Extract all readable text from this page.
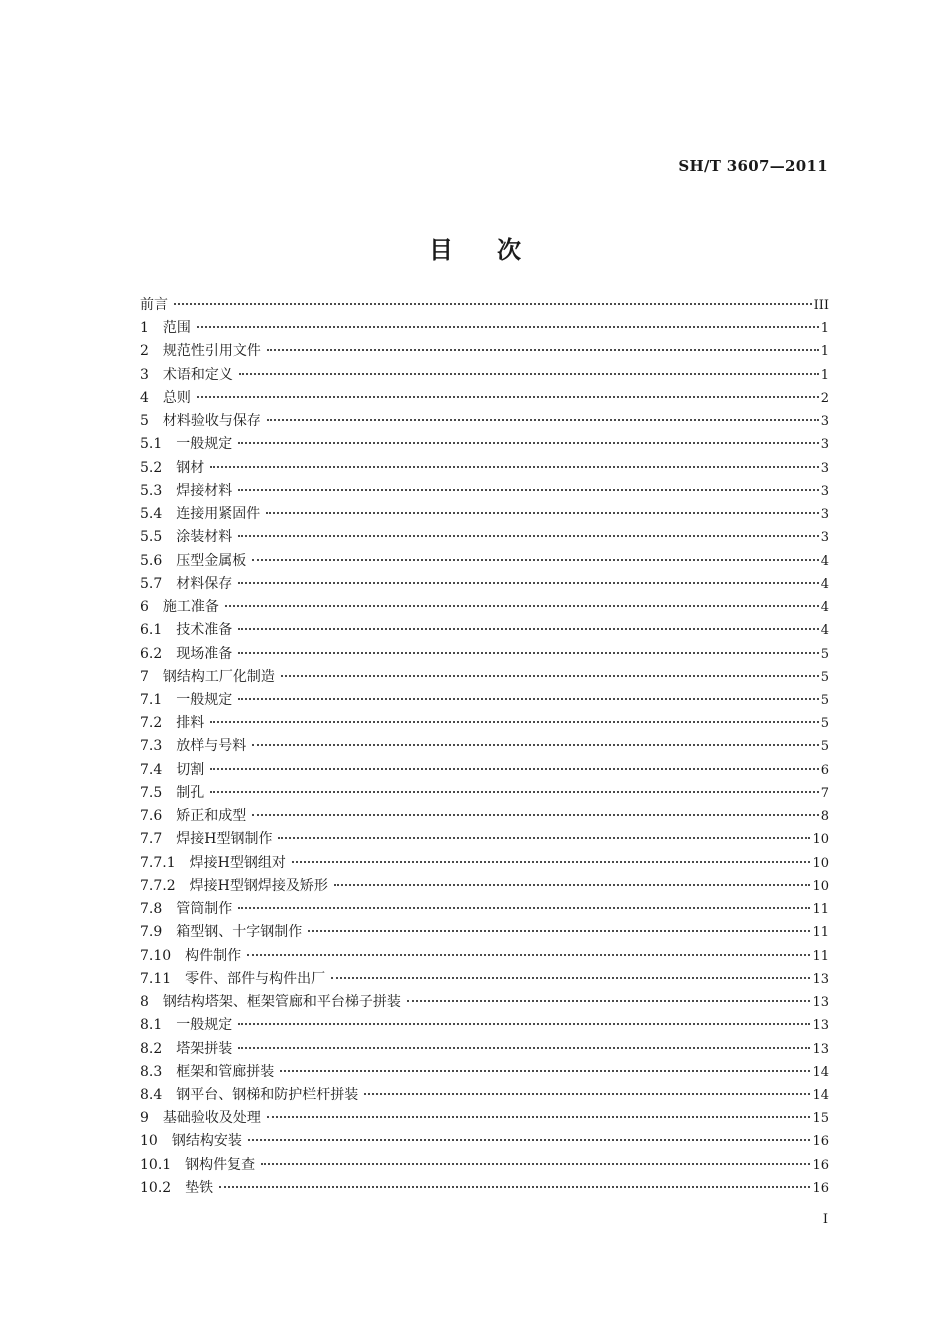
SH/T 3607—2011
目次
前言	III
1 范围	1
2 规范性引用文件	1
3 术语和定义	1
4 总则	2
5 材料验收与保存	3
5.1 一般规定	3
5.2 钢材	3
5.3 焊接材料	3
5.4 连接用紧固件	3
5.5 涂装材料	3
5.6 压型金属板	4
5.7 材料保存	4
6 施工准备	4
6.1 技术准备	4
6.2 现场准备	5
7 钢结构工厂化制造	5
7.1 一般规定	5
7.2 排料	5
7.3 放样与号料	5
7.4 切割	6
7.5 制孔	7
7.6 矫正和成型	8
7.7 焊接H型钢制作	10
7.7.1 焊接H型钢组对	10
7.7.2 焊接H型钢焊接及矫形	10
7.8 管筒制作	11
7.9 箱型钢、十字钢制作	11
7.10 构件制作	11
7.11 零件、部件与构件出厂	13
8 钢结构塔架、框架管廊和平台梯子拼装	13
8.1 一般规定	13
8.2 塔架拼装	13
8.3 框架和管廊拼装	14
8.4 钢平台、钢梯和防护栏杆拼装	14
9 基础验收及处理	15
10 钢结构安装	16
10.1 钢构件复查	16
10.2 垫铁	16
I
